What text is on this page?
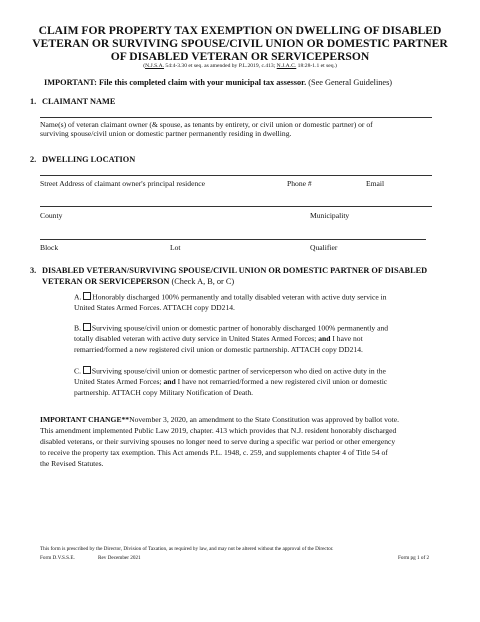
CLAIM FOR PROPERTY TAX EXEMPTION ON DWELLING OF DISABLED
VETERAN OR SURVIVING SPOUSE/CIVIL UNION OR DOMESTIC PARTNER
OF DISABLED VETERAN OR SERVICEPERSON
(N.J.S.A. 54:4-3.30 et seq. as amended by P.L.2019, c.413; N.J.A.C. 18:28-1.1 et seq.)
IMPORTANT: File this completed claim with your municipal tax assessor. (See General Guidelines)
1. CLAIMANT NAME
Name(s) of veteran claimant owner (& spouse, as tenants by entirety, or civil union or domestic partner) or of
surviving spouse/civil union or domestic partner permanently residing in dwelling.
2. DWELLING LOCATION
Street Address of claimant owner's principal residence	Phone #	Email
County	Municipality
Block	Lot	Qualifier
3. DISABLED VETERAN/SURVIVING SPOUSE/CIVIL UNION OR DOMESTIC PARTNER OF DISABLED
VETERAN OR SERVICEPERSON (Check A, B, or C)
A. Honorably discharged 100% permanently and totally disabled veteran with active duty service in
United States Armed Forces. ATTACH copy DD214.
B. Surviving spouse/civil union or domestic partner of honorably discharged 100% permanently and
totally disabled veteran with active duty service in United States Armed Forces; and I have not
remarried/formed a new registered civil union or domestic partnership. ATTACH copy DD214.
C. Surviving spouse/civil union or domestic partner of serviceperson who died on active duty in the
United States Armed Forces; and I have not remarried/formed a new registered civil union or domestic
partnership. ATTACH copy Military Notification of Death.
IMPORTANT CHANGE**November 3, 2020, an amendment to the State Constitution was approved by ballot vote.
This amendment implemented Public Law 2019, chapter. 413 which provides that N.J. resident honorably discharged
disabled veterans, or their surviving spouses no longer need to serve during a specific war period or other emergency
to receive the property tax exemption. This Act amends P.L. 1948, c. 259, and supplements chapter 4 of Title 54 of
the Revised Statutes.
This form is prescribed by the Director, Division of Taxation, as required by law, and may not be altered without the approval of the Director.
Form D.V.S.S.E.	Rev December 2021	Form pg 1 of 2
